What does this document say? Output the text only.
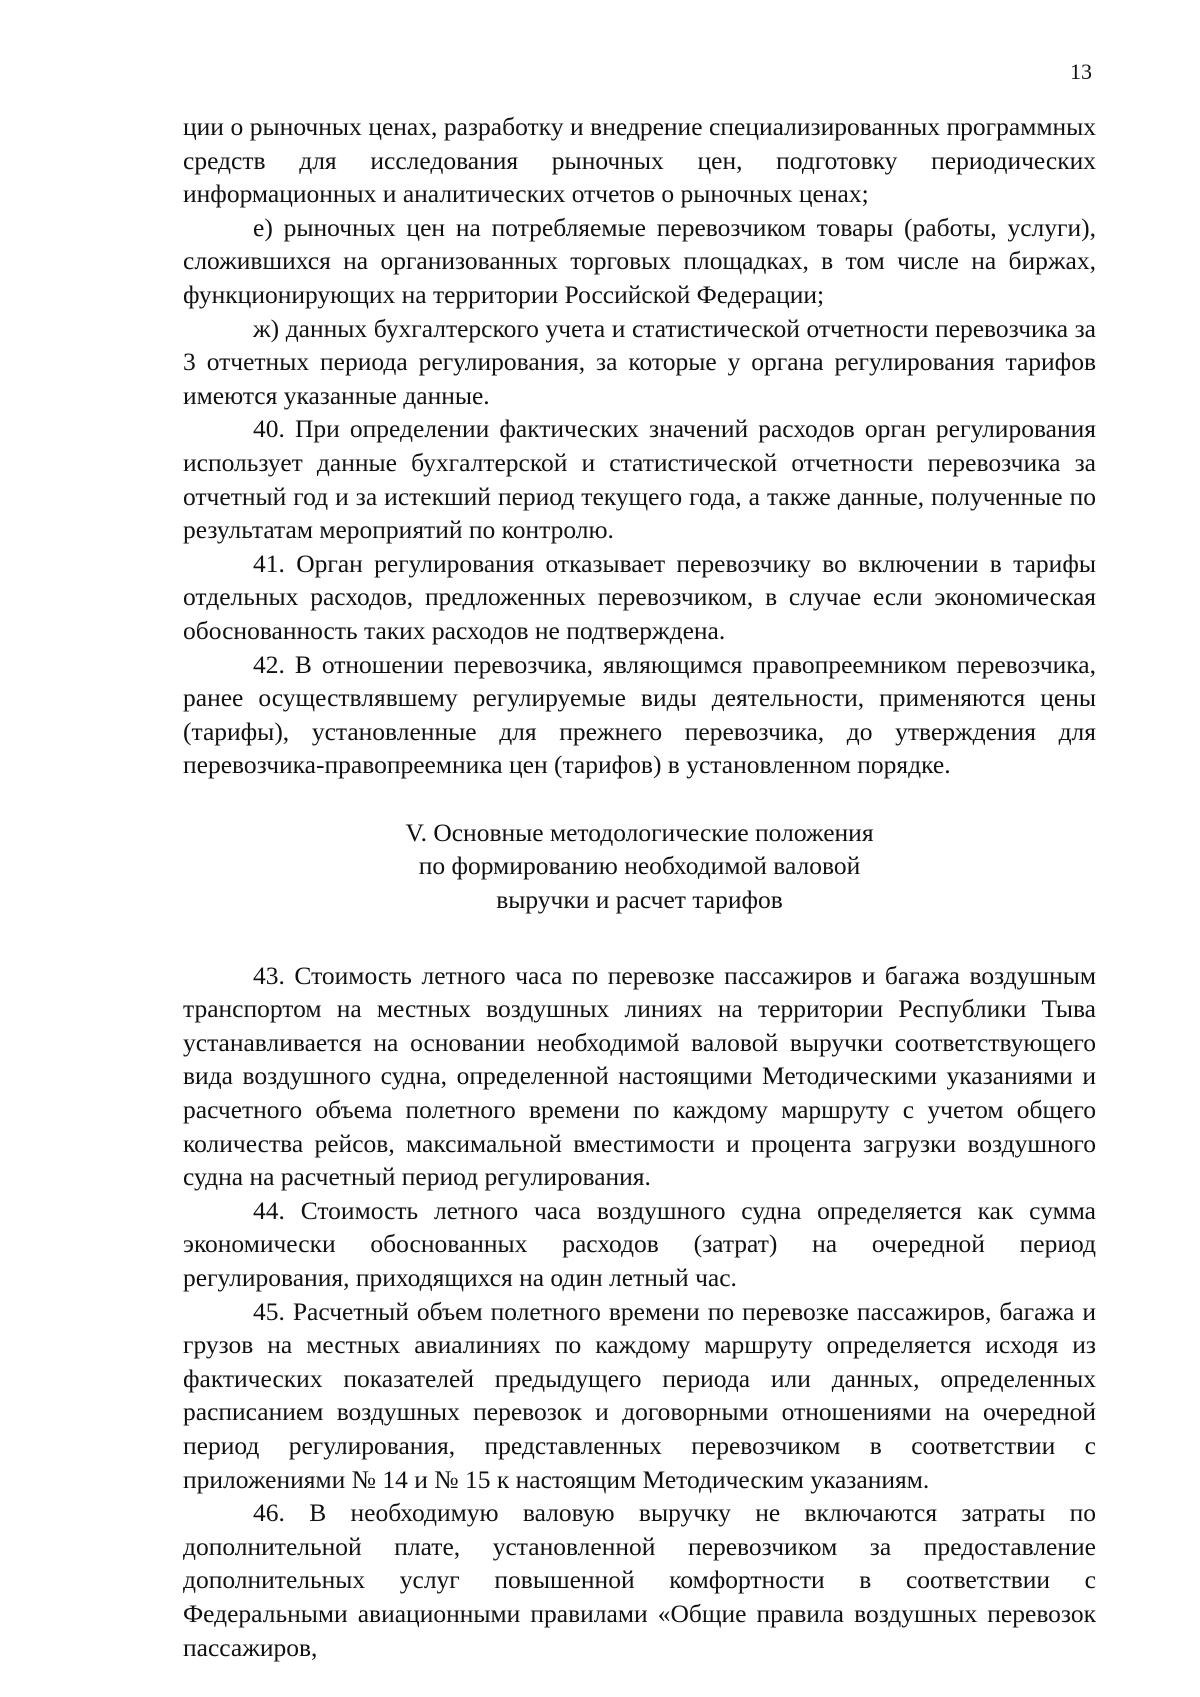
13

ции о рыночных ценах, разработку и внедрение специализированных программных средств для исследования рыночных цен, подготовку периодических информационных и аналитических отчетов о рыночных ценах;

е) рыночных цен на потребляемые перевозчиком товары (работы, услуги), сложившихся на организованных торговых площадках, в том числе на биржах, функционирующих на территории Российской Федерации;

ж) данных бухгалтерского учета и статистической отчетности перевозчика за 3 отчетных периода регулирования, за которые у органа регулирования тарифов имеются указанные данные.

40. При определении фактических значений расходов орган регулирования использует данные бухгалтерской и статистической отчетности перевозчика за отчетный год и за истекший период текущего года, а также данные, полученные по результатам мероприятий по контролю.

41. Орган регулирования отказывает перевозчику во включении в тарифы отдельных расходов, предложенных перевозчиком, в случае если экономическая обоснованность таких расходов не подтверждена.

42. В отношении перевозчика, являющимся правопреемником перевозчика, ранее осуществлявшему регулируемые виды деятельности, применяются цены (тарифы), установленные для прежнего перевозчика, до утверждения для перевозчика-правопреемника цен (тарифов) в установленном порядке.

V. Основные методологические положения
по формированию необходимой валовой
выручки и расчет тарифов

43. Стоимость летного часа по перевозке пассажиров и багажа воздушным транспортом на местных воздушных линиях на территории Республики Тыва устанавливается на основании необходимой валовой выручки соответствующего вида воздушного судна, определенной настоящими Методическими указаниями и расчетного объема полетного времени по каждому маршруту с учетом общего количества рейсов, максимальной вместимости и процента загрузки воздушного судна на расчетный период регулирования.

44. Стоимость летного часа воздушного судна определяется как сумма экономически обоснованных расходов (затрат) на очередной период регулирования, приходящихся на один летный час.

45. Расчетный объем полетного времени по перевозке пассажиров, багажа и грузов на местных авиалиниях по каждому маршруту определяется исходя из фактических показателей предыдущего периода или данных, определенных расписанием воздушных перевозок и договорными отношениями на очередной период регулирования, представленных перевозчиком в соответствии с приложениями № 14 и № 15 к настоящим Методическим указаниям.

46. В необходимую валовую выручку не включаются затраты по дополнительной плате, установленной перевозчиком за предоставление дополнительных услуг повышенной комфортности в соответствии с Федеральными авиационными правилами «Общие правила воздушных перевозок пассажиров,
